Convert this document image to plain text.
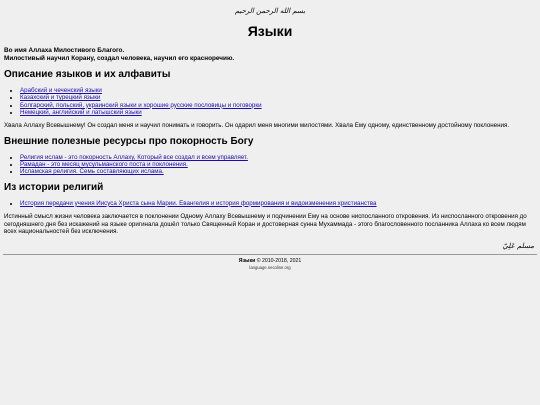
بسم الله الرحمن الرحيم
Языки
Во имя Аллаха Милостивого Благого.
Милостивый научил Корану, создал человека, научил его красноречию.
Описание языков и их алфавиты
• Арабский и чеченский языки
• Казахский и турецкий языки
• Болгарский, польский, украинский языки и хорошие русские пословицы и поговорки
• Немецкий, английский и латышский языки

Хвала Аллаху Всевышнему! Он создал меня и научил понимать и говорить. Он одарил меня многими милостями. Хвала Ему одному, единственному достойному поклонения.

Внешние полезные ресурсы про покорность Богу
• Религия ислам - это покорность Аллаху, Который все создал и всем управляет.
• Рамадан - это месяц мусульманского поста и поклонения.
• Исламская религия. Семь составляющих ислама.
Из истории религий
• История передачи учения Иисуса Христа сына Марии. Евангелия и история формирования и видоизменения христианства

Истинный смысл жизни человека заключается в поклонении Одному Аллаху Всевышнему и подчинении Ему на основе ниспосланного откровения. Из ниспосланного откровения до сегодняшнего дня без искажений на языке оригинала дошёл только Священный Коран и достоверная сунна Мухаммада - этого благословенного посланника Аллаха ко всем людям всех национальностей без исключения.

مسلم عَلِيّ
Языки © 2010-2018, 2021
language.necoline.org
